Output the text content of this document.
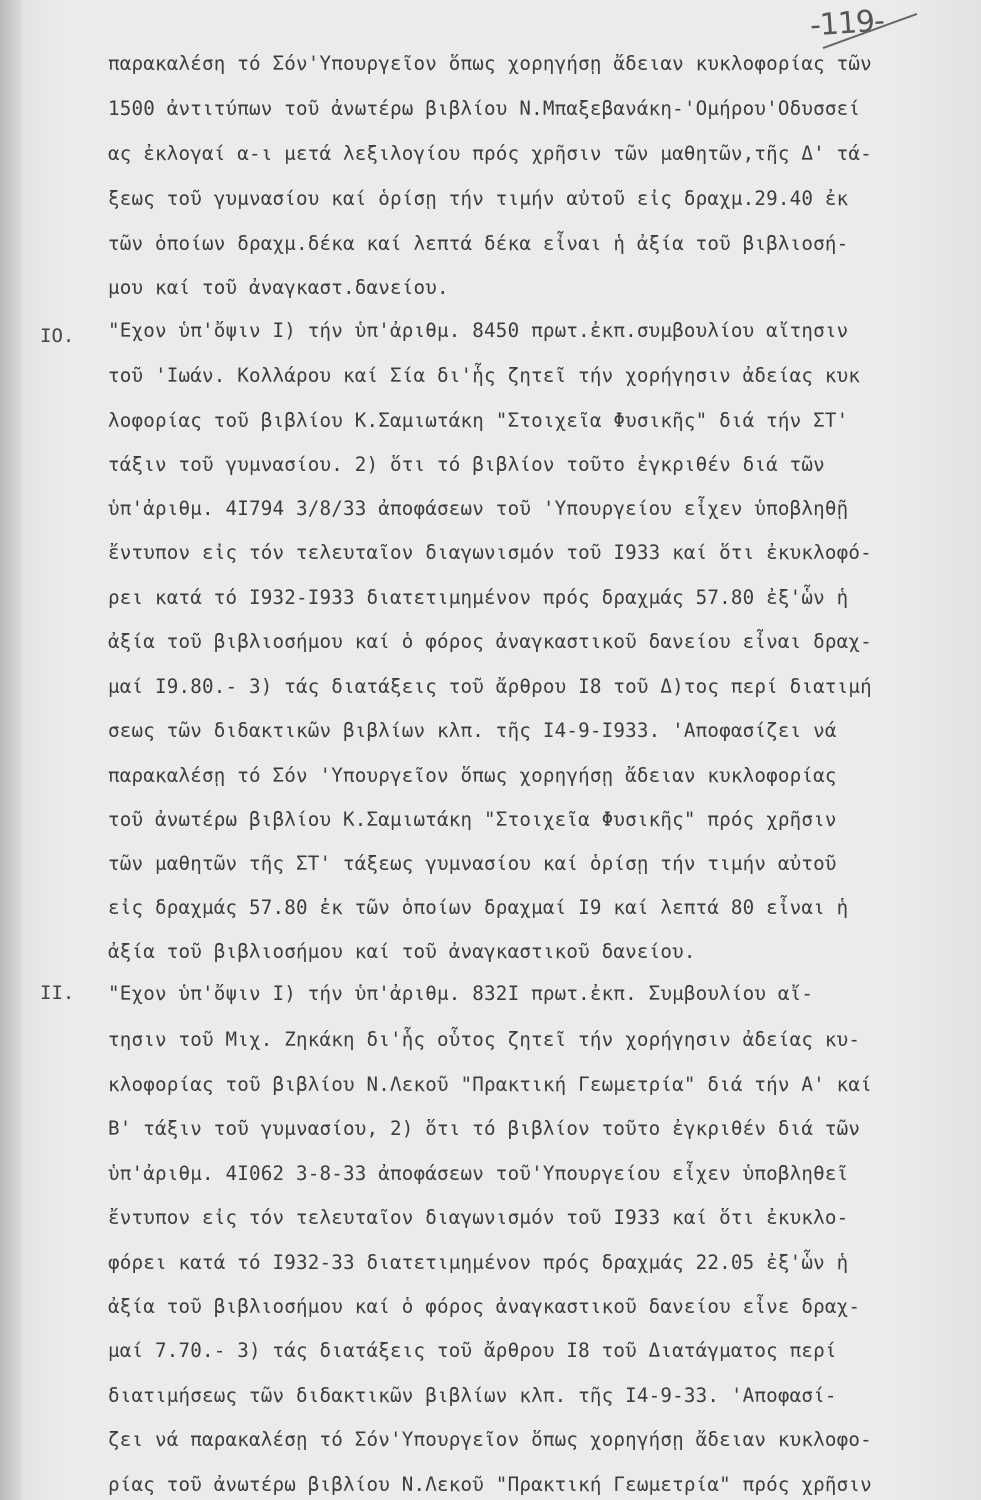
-119-
IO.
II.
παρακαλέση τό Σόν'Υπουργεῖον ὅπως χορηγήσῃ ἄδειαν κυκλοφορίας τῶν
1500 ἀντιτύπων τοῦ ἀνωτέρω βιβλίου Ν.Μπαξεβανάκη-'Ομήρου'Οδυσσεί
ας ἐκλογαί α-ι μετά λεξιλογίου πρός χρῆσιν τῶν μαθητῶν,τῆς Δ' τά-
ξεως τοῦ γυμνασίου καί ὁρίσῃ τήν τιμήν αὐτοῦ εἰς δραχμ.29.40 ἐκ
τῶν ὁποίων δραχμ.δέκα καί λεπτά δέκα εἶναι ἡ ἀξία τοῦ βιβλιοσή-
μου καί τοῦ ἀναγκαστ.δανείου.
"Εχον ὑπ'ὄψιν I) τήν ὑπ'ἀριθμ. 8450 πρωτ.ἐκπ.συμβουλίου αἴτησιν
τοῦ 'Ιωάν. Κολλάρου καί Σία δι'ἧς ζητεῖ τήν χορήγησιν ἀδείας κυκ
λοφορίας τοῦ βιβλίου Κ.Σαμιωτάκη "Στοιχεῖα Φυσικῆς" διά τήν ΣΤ'
τάξιν τοῦ γυμνασίου. 2) ὅτι τό βιβλίον τοῦτο ἐγκριθέν διά τῶν
ὑπ'ἀριθμ. 4I794 3/8/33 ἀποφάσεων τοῦ 'Υπουργείου εἶχεν ὑποβληθῇ
ἔντυπον εἰς τόν τελευταῖον διαγωνισμόν τοῦ I933 καί ὅτι ἐκυκλοφό-
ρει κατά τό I932-I933 διατετιμημένον πρός δραχμάς 57.80 ἐξ'ὧν ἡ
ἀξία τοῦ βιβλιοσήμου καί ὁ φόρος ἀναγκαστικοῦ δανείου εἶναι δραχ-
μαί I9.80.- 3) τάς διατάξεις τοῦ ἄρθρου I8 τοῦ Δ)τος περί διατιμή
σεως τῶν διδακτικῶν βιβλίων κλπ. τῆς I4-9-I933. 'Αποφασίζει νά
παρακαλέσῃ τό Σόν 'Υπουργεῖον ὅπως χορηγήσῃ ἄδειαν κυκλοφορίας
τοῦ ἀνωτέρω βιβλίου Κ.Σαμιωτάκη "Στοιχεῖα Φυσικῆς" πρός χρῆσιν
τῶν μαθητῶν τῆς ΣΤ' τάξεως γυμνασίου καί ὁρίσῃ τήν τιμήν αὐτοῦ
εἰς δραχμάς 57.80 ἐκ τῶν ὁποίων δραχμαί I9 καί λεπτά 80 εἶναι ἡ
ἀξία τοῦ βιβλιοσήμου καί τοῦ ἀναγκαστικοῦ δανείου.
"Εχον ὑπ'ὄψιν I) τήν ὑπ'ἀριθμ. 832I πρωτ.ἐκπ. Συμβουλίου αἴ-
τησιν τοῦ Μιχ. Ζηκάκη δι'ἧς οὗτος ζητεῖ τήν χορήγησιν ἀδείας κυ-
κλοφορίας τοῦ βιβλίου Ν.Λεκοῦ "Πρακτική Γεωμετρία" διά τήν Α' καί
Β' τάξιν τοῦ γυμνασίου, 2) ὅτι τό βιβλίον τοῦτο ἐγκριθέν διά τῶν
ὑπ'ἀριθμ. 4I062 3-8-33 ἀποφάσεων τοῦ'Υπουργείου εἶχεν ὑποβληθεῖ
ἔντυπον εἰς τόν τελευταῖον διαγωνισμόν τοῦ I933 καί ὅτι ἐκυκλο-
φόρει κατά τό I932-33 διατετιμημένον πρός δραχμάς 22.05 ἐξ'ὧν ἡ
ἀξία τοῦ βιβλιοσήμου καί ὁ φόρος ἀναγκαστικοῦ δανείου εἶνε δραχ-
μαί 7.70.- 3) τάς διατάξεις τοῦ ἄρθρου I8 τοῦ Διατάγματος περί
διατιμήσεως τῶν διδακτικῶν βιβλίων κλπ. τῆς I4-9-33. 'Αποφασί-
ζει νά παρακαλέσῃ τό Σόν'Υπουργεῖον ὅπως χορηγήσῃ ἄδειαν κυκλοφο-
ρίας τοῦ ἀνωτέρω βιβλίου Ν.Λεκοῦ "Πρακτική Γεωμετρία" πρός χρῆσιν
